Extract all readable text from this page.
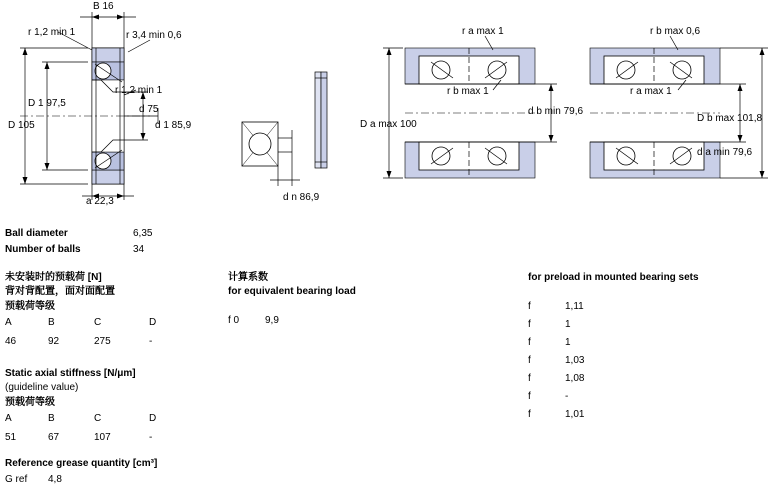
B 16
r 1,2 min 1	r 3,4 min 0,6
r 1,2 min 1
D 1 97,5
D 105
d 75
d 1 85,9
a 22,3	d n 86,9
r a max 1
r b max 1
D a max 100
d b min 79,6
r b max 0,6
r a max 1
D b max 101,8
d a min 79,6
Ball diameter	6,35
Number of balls	34
未安装时的预载荷 [N]
背对背配置，面对面配置
预载荷等级
A	B	C	D

46	92	275	-
Static axial stiffness [N/μm]
(guideline value)
预载荷等级
A	B	C	D

51	67	107	-
Reference grease quantity [cm³]
G ref 4,8
计算系数
for equivalent bearing load
f 0	9,9
for preload in mounted bearing sets
f	1,11
f	1
f	1
f	1,03
f	1,08
f	-
f	1,01
